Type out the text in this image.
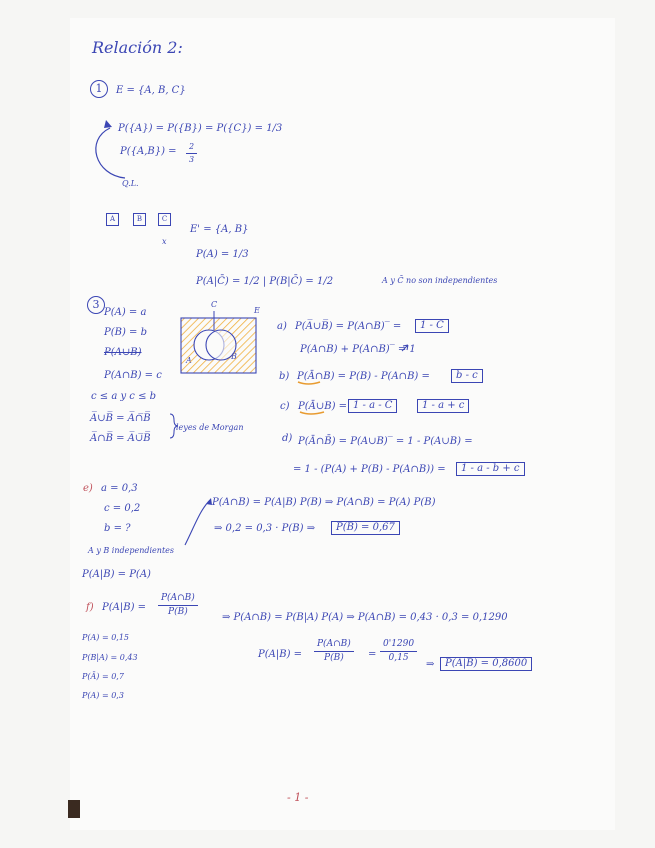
Relación 2:
1	E = {A, B, C}
P({A}) = P({B}) = P({C}) = 1/3
$P(\{A,B\}) = \frac{2}{3}$
Q.L.
A	B	C
x
E' = {A, B}
P(A) = 1/3
P(A|C̄) = 1/2 | P(B|C̄) = 1/2	A y C̄ no son independientes
3
P(A) = a
P(B) = b
P(A∪B)
P(A∩B) = c
c ≤ a y c ≤ b
A̅∪B̅ = A̅∩̅B̅
A̅∩B̅ = A̅∪̅B̅
leyes de Morgan
C
E
a) P(A̅∪B̅) = P(A∩B)‾ =	1 - C
P(A∩B) + P(A∩B)‾ = 1
b) P(Ā∩B) = P(B) - P(A∩B) =	b - c
c) P(Ā∪B) = 1 - a - C	1 - a + c
d) P(Ā∩B̄) = P(A∪B)‾ = 1 - P(A∪B) =
= 1 - (P(A) + P(B) - P(A∩B)) =	1 - a - b + c
e) a = 0,3
c = 0,2
b = ?
A y B independientes
P(A|B) = P(A)
P(A∩B) = P(A|B) P(B) ⇒ P(A∩B) = P(A) P(B)
⇒ 0,2 = 0,3 · P(B) ⇒	P(B) = 0,67
f) $P(A|B) = \frac{P(A\cap B)}{P(B)}$
⇒ P(A∩B) = P(B|A) P(A) ⇒ P(A∩B) = 0,43 · 0,3 = 0,1290
P(A) = 0,15
P(B|A) = 0,43
P(Ā) = 0,7
P(A) = 0,3
$P(A|B) = \frac{P(A\cap B)}{P(B)} = \frac{0'1290}{0,15}$
⇒	P(A|B) = 0,8600
- 1 -
